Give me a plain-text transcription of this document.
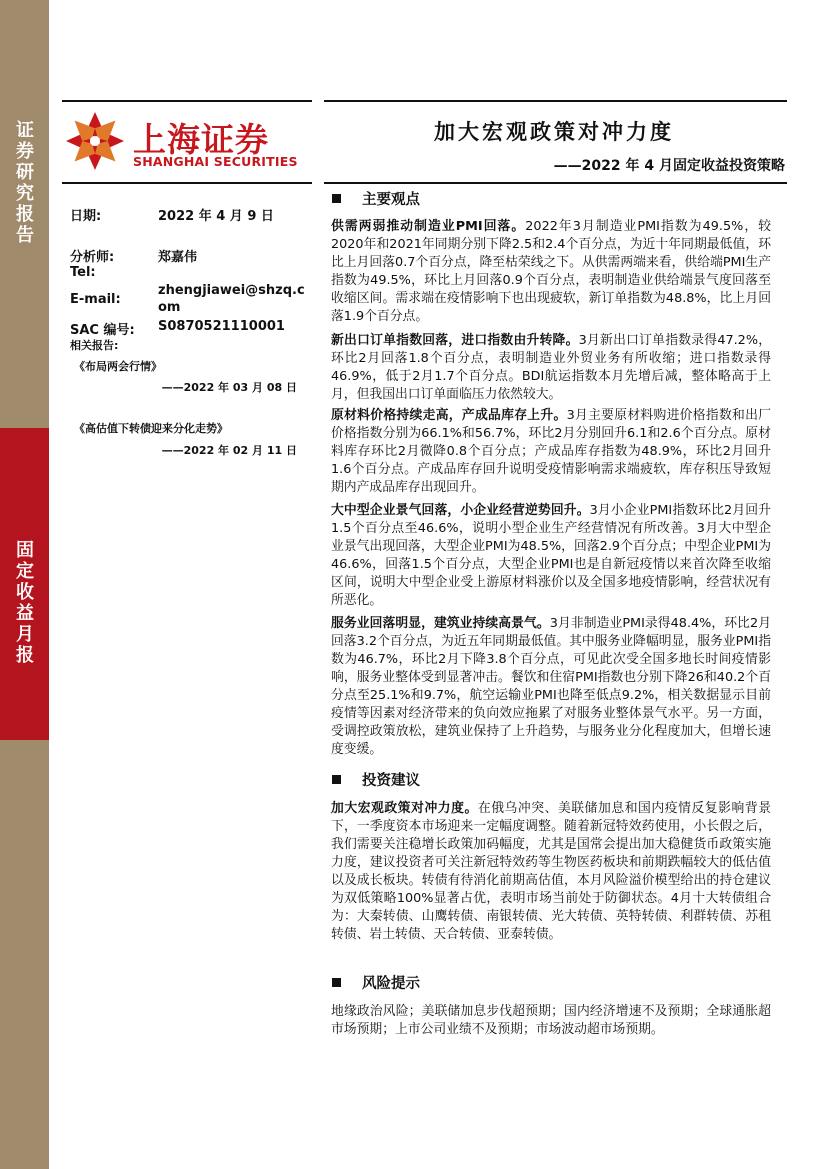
证券研究报告
固定收益月报
上海证券
SHANGHAI SECURITIES
加大宏观政策对冲力度
——2022 年 4 月固定收益投资策略
日期:	2022 年 4 月 9 日
分析师:	郑嘉伟
Tel:
E-mail:
zhengjiawei@shzq.c
om
SAC 编号: S0870521110001
相关报告:
《布局两会行情》
——2022 年 03 月 08 日
《高估值下转债迎来分化走势》
——2022 年 02 月 11 日
主要观点
供需两弱推动制造业PMI回落。2022年3月制造业PMI指数为49.5%，较2020年和2021年同期分别下降2.5和2.4个百分点，为近十年同期最低值，环比上月回落0.7个百分点，降至枯荣线之下。从供需两端来看，供给端PMI生产指数为49.5%，环比上月回落0.9个百分点，表明制造业供给端景气度回落至收缩区间。需求端在疫情影响下也出现疲软，新订单指数为48.8%，比上月回落1.9个百分点。
新出口订单指数回落，进口指数由升转降。3月新出口订单指数录得47.2%，环比2月回落1.8个百分点，表明制造业外贸业务有所收缩；进口指数录得46.9%，低于2月1.7个百分点。BDI航运指数本月先增后减，整体略高于上月，但我国出口订单面临压力依然较大。
原材料价格持续走高，产成品库存上升。3月主要原材料购进价格指数和出厂价格指数分别为66.1%和56.7%，环比2月分别回升6.1和2.6个百分点。原材料库存环比2月微降0.8个百分点；产成品库存指数为48.9%，环比2月回升1.6个百分点。产成品库存回升说明受疫情影响需求端疲软，库存积压导致短期内产成品库存出现回升。
大中型企业景气回落，小企业经营逆势回升。3月小企业PMI指数环比2月回升1.5个百分点至46.6%，说明小型企业生产经营情况有所改善。3月大中型企业景气出现回落，大型企业PMI为48.5%，回落2.9个百分点；中型企业PMI为46.6%，回落1.5个百分点，大型企业PMI也是自新冠疫情以来首次降至收缩区间，说明大中型企业受上游原材料涨价以及全国多地疫情影响，经营状况有所恶化。
服务业回落明显，建筑业持续高景气。3月非制造业PMI录得48.4%，环比2月回落3.2个百分点，为近五年同期最低值。其中服务业降幅明显，服务业PMI指数为46.7%，环比2月下降3.8个百分点，可见此次受全国多地长时间疫情影响，服务业整体受到显著冲击。餐饮和住宿PMI指数也分别下降26和40.2个百分点至25.1%和9.7%，航空运输业PMI也降至低点9.2%，相关数据显示目前疫情等因素对经济带来的负向效应拖累了对服务业整体景气水平。另一方面，受调控政策放松，建筑业保持了上升趋势，与服务业分化程度加大，但增长速度变缓。
投资建议
加大宏观政策对冲力度。在俄乌冲突、美联储加息和国内疫情反复影响背景下，一季度资本市场迎来一定幅度调整。随着新冠特效药使用，小长假之后，我们需要关注稳增长政策加码幅度，尤其是国常会提出加大稳健货币政策实施力度，建议投资者可关注新冠特效药等生物医药板块和前期跌幅较大的低估值以及成长板块。转债有待消化前期高估值，本月风险溢价模型给出的持仓建议为双低策略100%显著占优，表明市场当前处于防御状态。4月十大转债组合为：大秦转债、山鹰转债、南银转债、光大转债、英特转债、利群转债、苏租转债、岩土转债、天合转债、亚泰转债。
风险提示
地缘政治风险；美联储加息步伐超预期；国内经济增速不及预期；全球通胀超市场预期；上市公司业绩不及预期；市场波动超市场预期。
